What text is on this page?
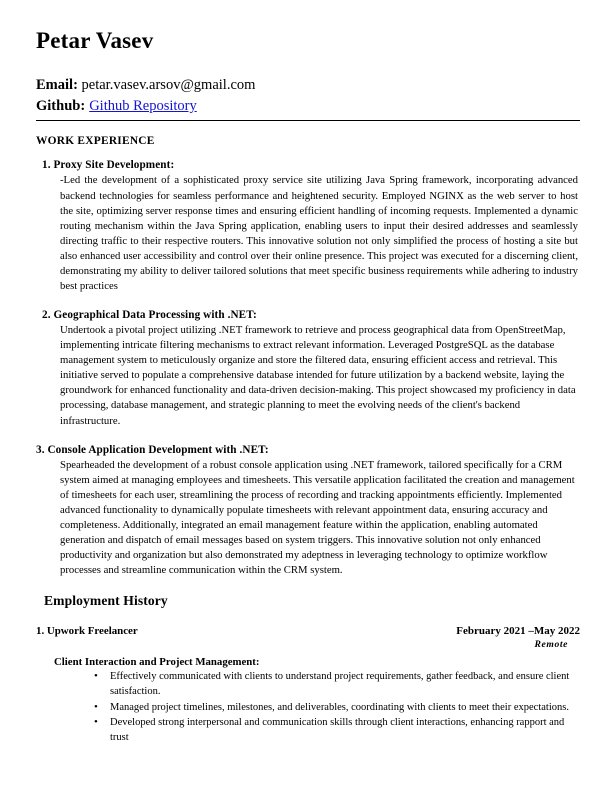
Petar Vasev
Email: petar.vasev.arsov@gmail.com
Github: Github Repository
WORK EXPERIENCE
1. Proxy Site Development:

-Led the development of a sophisticated proxy service site utilizing Java Spring framework, incorporating advanced backend technologies for seamless performance and heightened security. Employed NGINX as the web server to host the site, optimizing server response times and ensuring efficient handling of incoming requests. Implemented a dynamic routing mechanism within the Java Spring application, enabling users to input their desired addresses and seamlessly directing traffic to their respective routers. This innovative solution not only simplified the process of hosting a site but also enhanced user accessibility and control over their online presence. This project was executed for a discerning client, demonstrating my ability to deliver tailored solutions that meet specific business requirements while adhering to industry best practices

2. Geographical Data Processing with .NET:

Undertook a pivotal project utilizing .NET framework to retrieve and process geographical data from OpenStreetMap, implementing intricate filtering mechanisms to extract relevant information. Leveraged PostgreSQL as the database management system to meticulously organize and store the filtered data, ensuring efficient access and retrieval. This initiative served to populate a comprehensive database intended for future utilization by a backend website, laying the groundwork for enhanced functionality and data-driven decision-making. This project showcased my proficiency in data processing, database management, and strategic planning to meet the evolving needs of the client's backend infrastructure.

3. Console Application Development with .NET:

Spearheaded the development of a robust console application using .NET framework, tailored specifically for a CRM system aimed at managing employees and timesheets. This versatile application facilitated the creation and management of timesheets for each user, streamlining the process of recording and tracking appointments efficiently. Implemented advanced functionality to dynamically populate timesheets with relevant appointment data, ensuring accuracy and completeness. Additionally, integrated an email management feature within the application, enabling automated generation and dispatch of email messages based on system triggers. This innovative solution not only enhanced productivity and organization but also demonstrated my adeptness in leveraging technology to optimize workflow processes and streamline communication within the CRM system.

Employment History
1. Upwork Freelancer	February 2021 –May 2022
Remote
Client Interaction and Project Management:
• Effectively communicated with clients to understand project requirements, gather feedback, and ensure client satisfaction.
• Managed project timelines, milestones, and deliverables, coordinating with clients to meet their expectations.
• Developed strong interpersonal and communication skills through client interactions, enhancing rapport and trust
